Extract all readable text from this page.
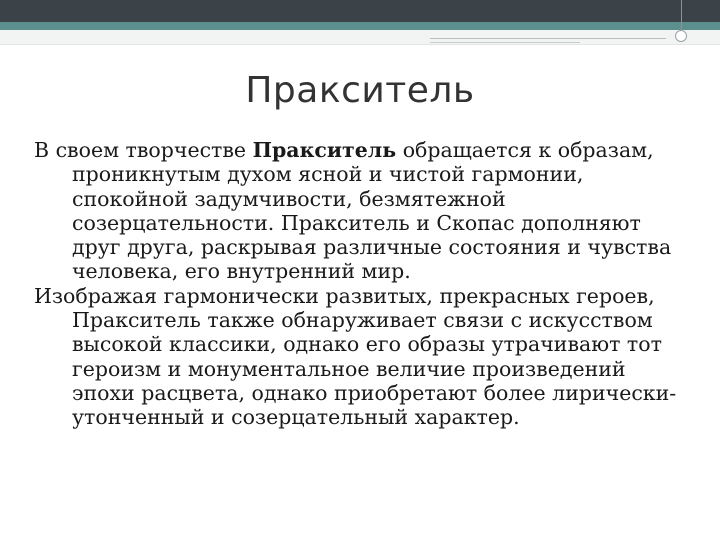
Пракситель

В своем творчестве Пракситель обращается к образам, проникнутым духом ясной и чистой гармонии, спокойной задумчивости, безмятежной созерцательности. Пракситель и Скопас дополняют друг друга, раскрывая различные состояния и чувства человека, его внутренний мир.

Изображая гармонически развитых, прекрасных героев, Пракситель также обнаруживает связи с искусством высокой классики, однако его образы утрачивают тот героизм и монументальное величие произведений эпохи расцвета, однако приобретают более лирически-утонченный и созерцательный характер.
